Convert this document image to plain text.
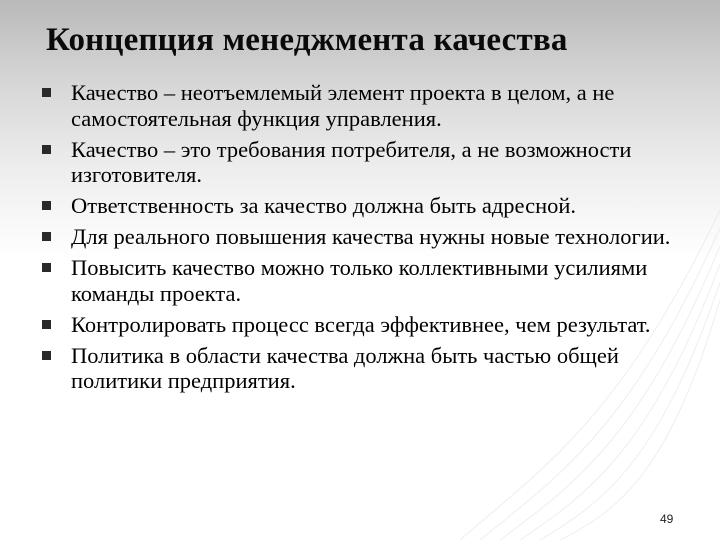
Концепция менеджмента качества
Качество – неотъемлемый элемент проекта в целом, а не самостоятельная функция управления.
Качество – это требования потребителя, а не возможности изготовителя.
Ответственность за качество должна быть адресной.
Для реального повышения качества нужны новые технологии.
Повысить качество можно только коллективными усилиями команды проекта.
Контролировать процесс всегда эффективнее, чем результат.
Политика в области качества должна быть частью общей политики предприятия.
49
